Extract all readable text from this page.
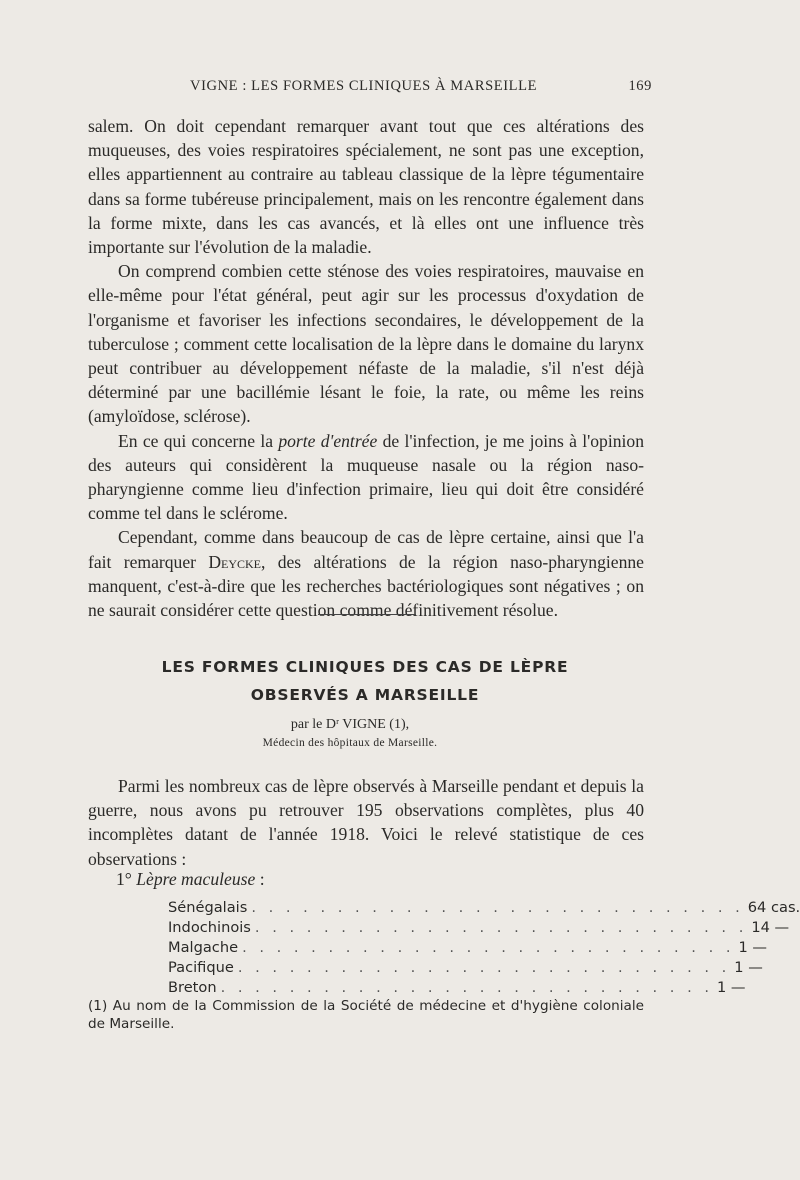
VIGNE : LES FORMES CLINIQUES À MARSEILLE	169

salem. On doit cependant remarquer avant tout que ces altérations des muqueuses, des voies respiratoires spécialement, ne sont pas une exception, elles appartiennent au contraire au tableau classique de la lèpre tégumentaire dans sa forme tubéreuse principalement, mais on les rencontre également dans la forme mixte, dans les cas avancés, et là elles ont une influence très importante sur l'évolution de la maladie.

On comprend combien cette sténose des voies respiratoires, mauvaise en elle-même pour l'état général, peut agir sur les processus d'oxydation de l'organisme et favoriser les infections secondaires, le développement de la tuberculose ; comment cette localisation de la lèpre dans le domaine du larynx peut contribuer au développement néfaste de la maladie, s'il n'est déjà déterminé par une bacillémie lésant le foie, la rate, ou même les reins (amyloïdose, sclérose).

En ce qui concerne la porte d'entrée de l'infection, je me joins à l'opinion des auteurs qui considèrent la muqueuse nasale ou la région naso-pharyngienne comme lieu d'infection primaire, lieu qui doit être considéré comme tel dans le sclérome.

Cependant, comme dans beaucoup de cas de lèpre certaine, ainsi que l'a fait remarquer Deycke, des altérations de la région naso-pharyngienne manquent, c'est-à-dire que les recherches bactériologiques sont négatives ; on ne saurait considérer cette question comme définitivement résolue.

LES FORMES CLINIQUES DES CAS DE LÈPRE
OBSERVÉS A MARSEILLE
par le Dʳ VIGNE (1),
Médecin des hôpitaux de Marseille.

Parmi les nombreux cas de lèpre observés à Marseille pendant et depuis la guerre, nous avons pu retrouver 195 observations complètes, plus 40 incomplètes datant de l'année 1918. Voici le relevé statistique de ces observations :

1° Lèpre maculeuse :
Sénégalais . . . . . . . . . . . . . . . . . . . . . . . . . . . . . 64 cas.
Indochinois . . . . . . . . . . . . . . . . . . . . . . . . . . . . . 14 —
Malgache . . . . . . . . . . . . . . . . . . . . . . . . . . . . . 1 —
Pacifique . . . . . . . . . . . . . . . . . . . . . . . . . . . . . 1 —
Breton . . . . . . . . . . . . . . . . . . . . . . . . . . . . . 1 —
(1) Au nom de la Commission de la Société de médecine et d'hygiène coloniale de Marseille.
